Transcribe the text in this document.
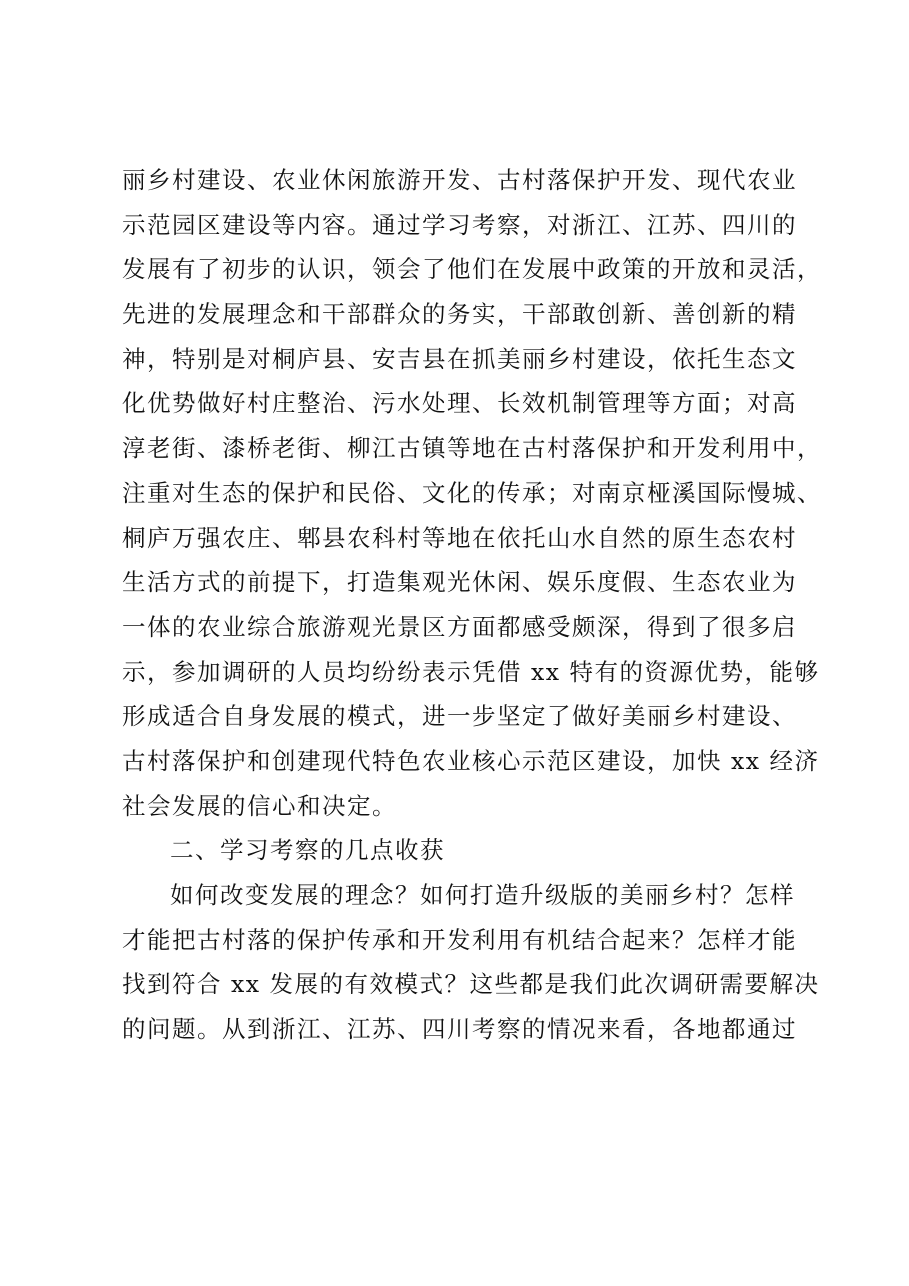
丽乡村建设、农业休闲旅游开发、古村落保护开发、现代农业
示范园区建设等内容。通过学习考察，对浙江、江苏、四川的
发展有了初步的认识，领会了他们在发展中政策的开放和灵活，
先进的发展理念和干部群众的务实，干部敢创新、善创新的精
神，特别是对桐庐县、安吉县在抓美丽乡村建设，依托生态文
化优势做好村庄整治、污水处理、长效机制管理等方面；对高
淳老街、漆桥老街、柳江古镇等地在古村落保护和开发利用中，
注重对生态的保护和民俗、文化的传承；对南京桠溪国际慢城、
桐庐万强农庄、郫县农科村等地在依托山水自然的原生态农村
生活方式的前提下，打造集观光休闲、娱乐度假、生态农业为
一体的农业综合旅游观光景区方面都感受颇深，得到了很多启
示，参加调研的人员均纷纷表示凭借 xx 特有的资源优势，能够
形成适合自身发展的模式，进一步坚定了做好美丽乡村建设、
古村落保护和创建现代特色农业核心示范区建设，加快 xx 经济
社会发展的信心和决定。
二、学习考察的几点收获
如何改变发展的理念？如何打造升级版的美丽乡村？怎样
才能把古村落的保护传承和开发利用有机结合起来？怎样才能
找到符合 xx 发展的有效模式？这些都是我们此次调研需要解决
的问题。从到浙江、江苏、四川考察的情况来看，各地都通过
